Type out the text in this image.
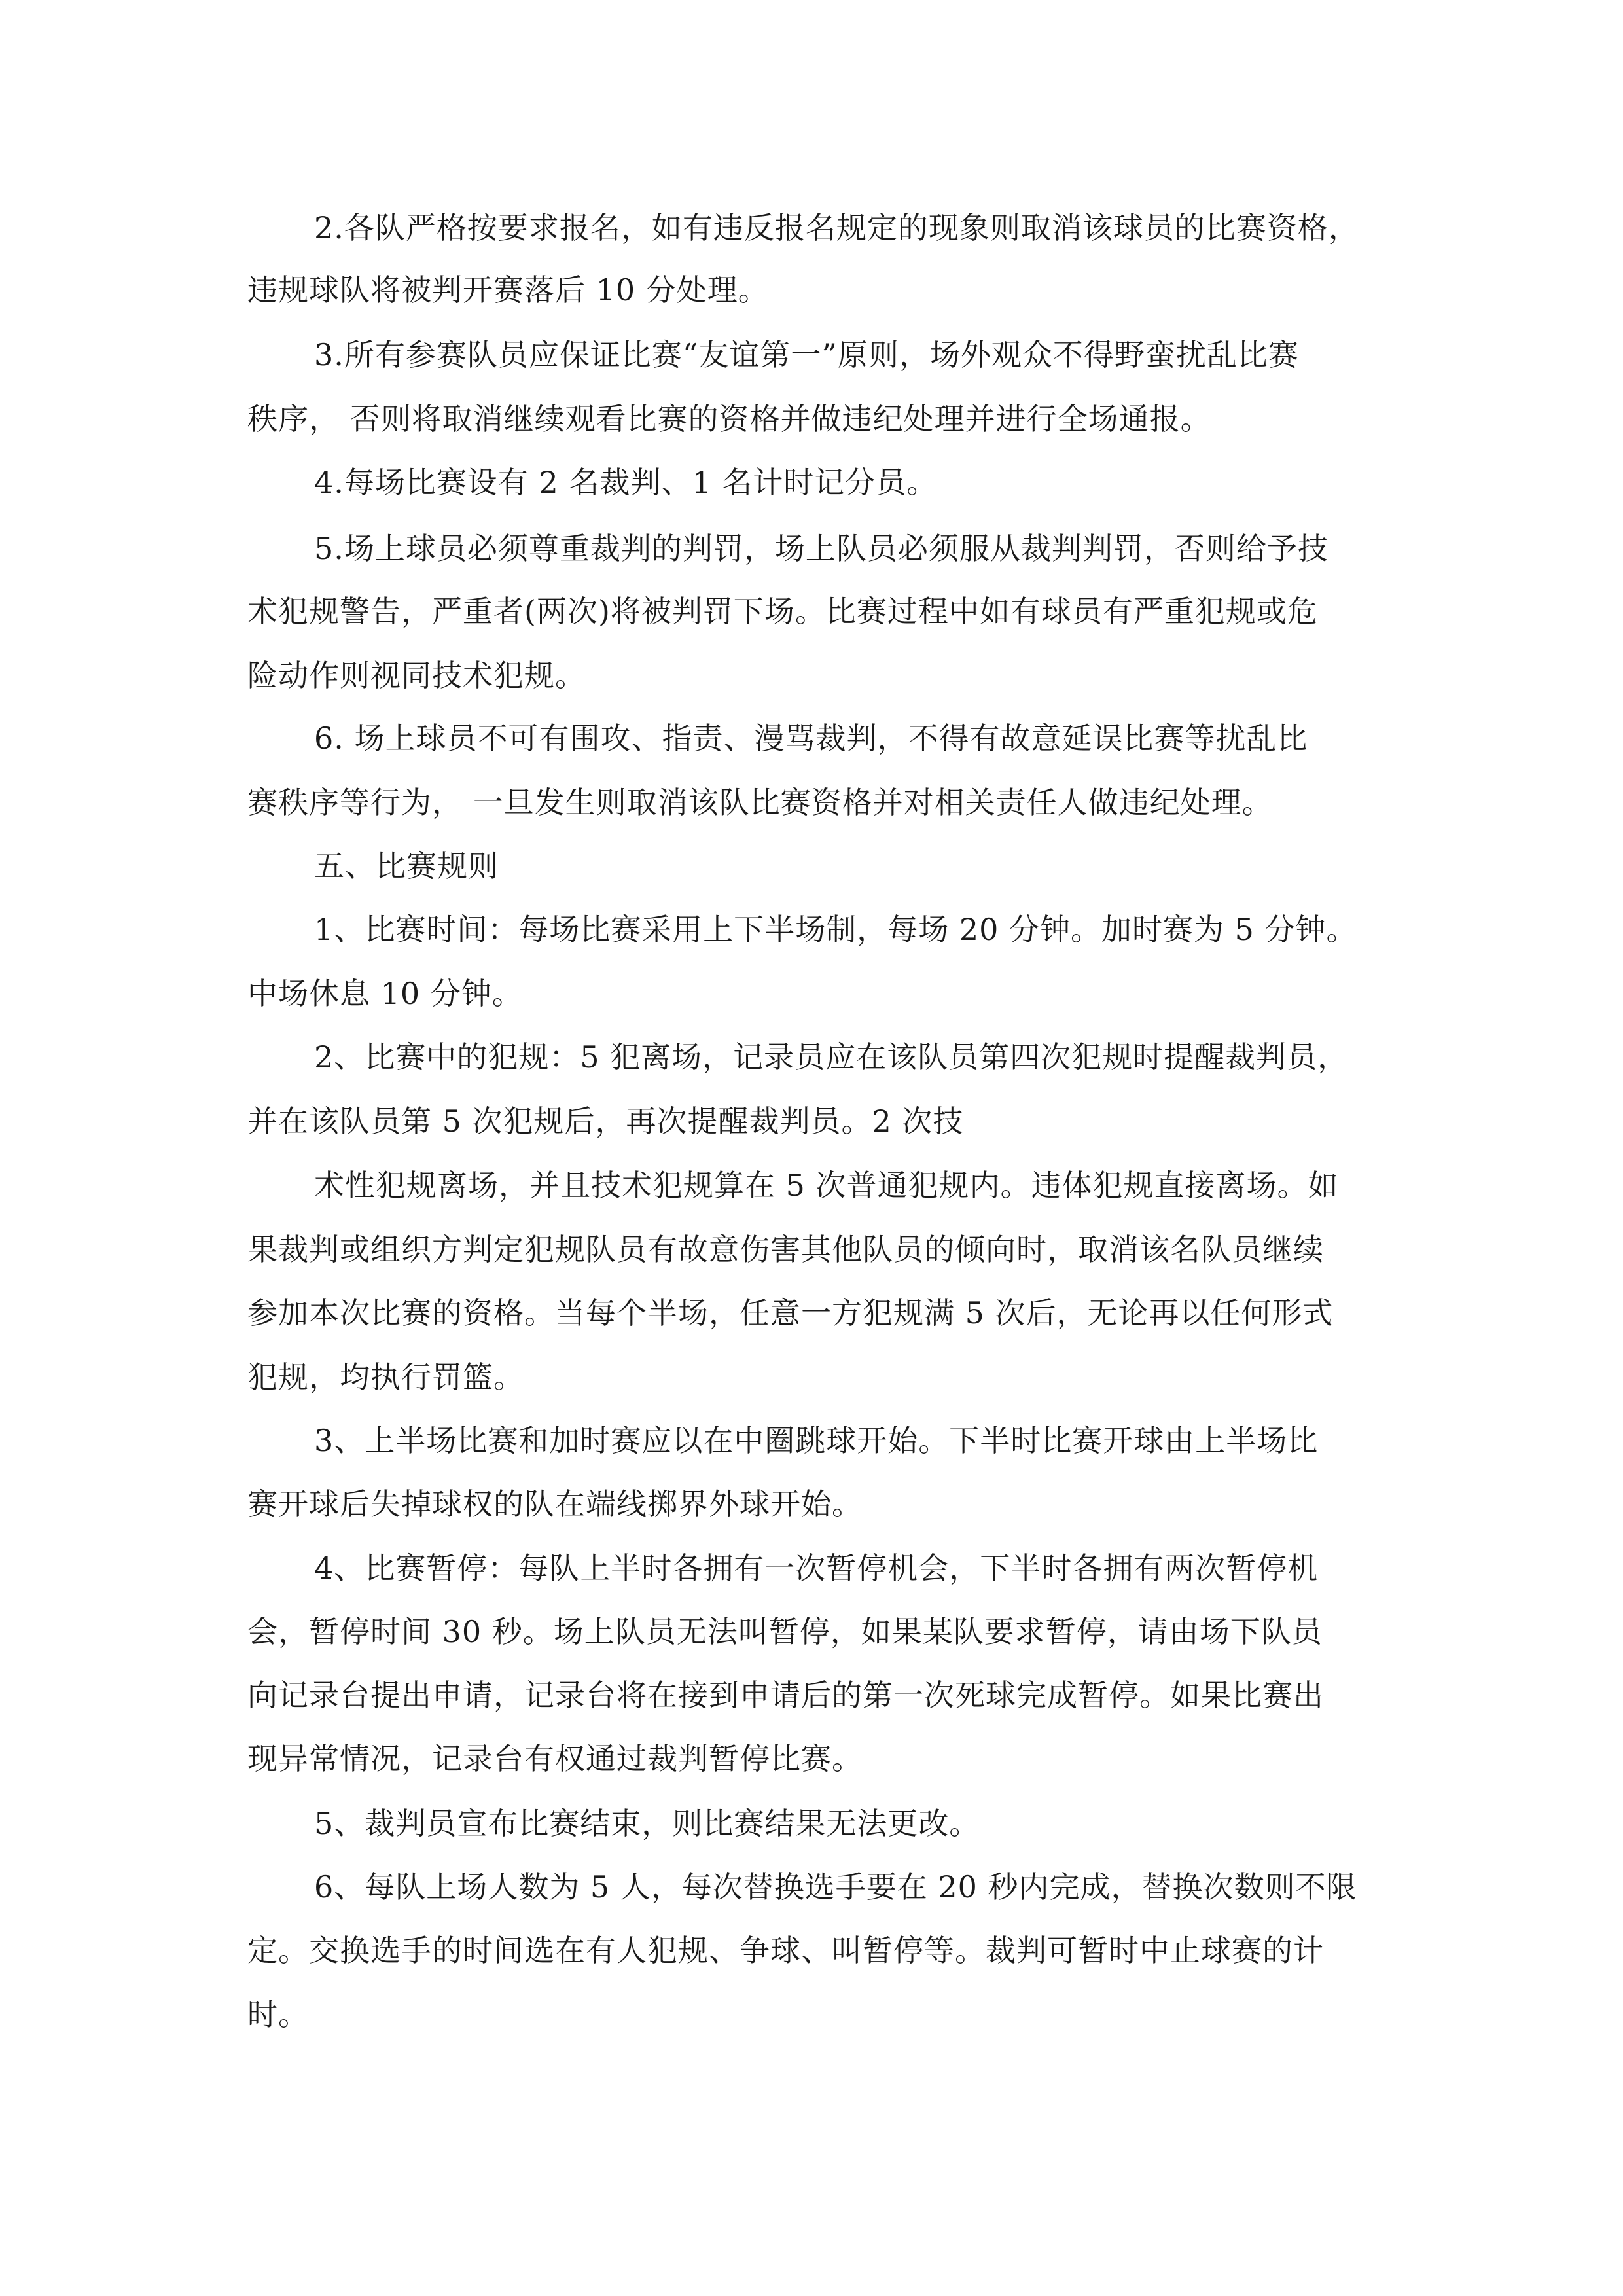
2.各队严格按要求报名，如有违反报名规定的现象则取消该球员的比赛资格，
违规球队将被判开赛落后 10 分处理。
3.所有参赛队员应保证比赛“友谊第一”原则，场外观众不得野蛮扰乱比赛
秩序， 否则将取消继续观看比赛的资格并做违纪处理并进行全场通报。
4.每场比赛设有 2 名裁判、1 名计时记分员。
5.场上球员必须尊重裁判的判罚，场上队员必须服从裁判判罚，否则给予技
术犯规警告，严重者(两次)将被判罚下场。比赛过程中如有球员有严重犯规或危
险动作则视同技术犯规。
6. 场上球员不可有围攻、指责、漫骂裁判，不得有故意延误比赛等扰乱比
赛秩序等行为， 一旦发生则取消该队比赛资格并对相关责任人做违纪处理。
五、比赛规则
1、比赛时间：每场比赛采用上下半场制，每场 20 分钟。加时赛为 5 分钟。
中场休息 10 分钟。
2、比赛中的犯规：5 犯离场，记录员应在该队员第四次犯规时提醒裁判员，
并在该队员第 5 次犯规后，再次提醒裁判员。2 次技
术性犯规离场，并且技术犯规算在 5 次普通犯规内。违体犯规直接离场。如
果裁判或组织方判定犯规队员有故意伤害其他队员的倾向时，取消该名队员继续
参加本次比赛的资格。当每个半场，任意一方犯规满 5 次后，无论再以任何形式
犯规，均执行罚篮。
3、上半场比赛和加时赛应以在中圈跳球开始。下半时比赛开球由上半场比
赛开球后失掉球权的队在端线掷界外球开始。
4、比赛暂停：每队上半时各拥有一次暂停机会，下半时各拥有两次暂停机
会，暂停时间 30 秒。场上队员无法叫暂停，如果某队要求暂停，请由场下队员
向记录台提出申请，记录台将在接到申请后的第一次死球完成暂停。如果比赛出
现异常情况，记录台有权通过裁判暂停比赛。
5、裁判员宣布比赛结束，则比赛结果无法更改。
6、每队上场人数为 5 人，每次替换选手要在 20 秒内完成，替换次数则不限
定。交换选手的时间选在有人犯规、争球、叫暂停等。裁判可暂时中止球赛的计
时。
